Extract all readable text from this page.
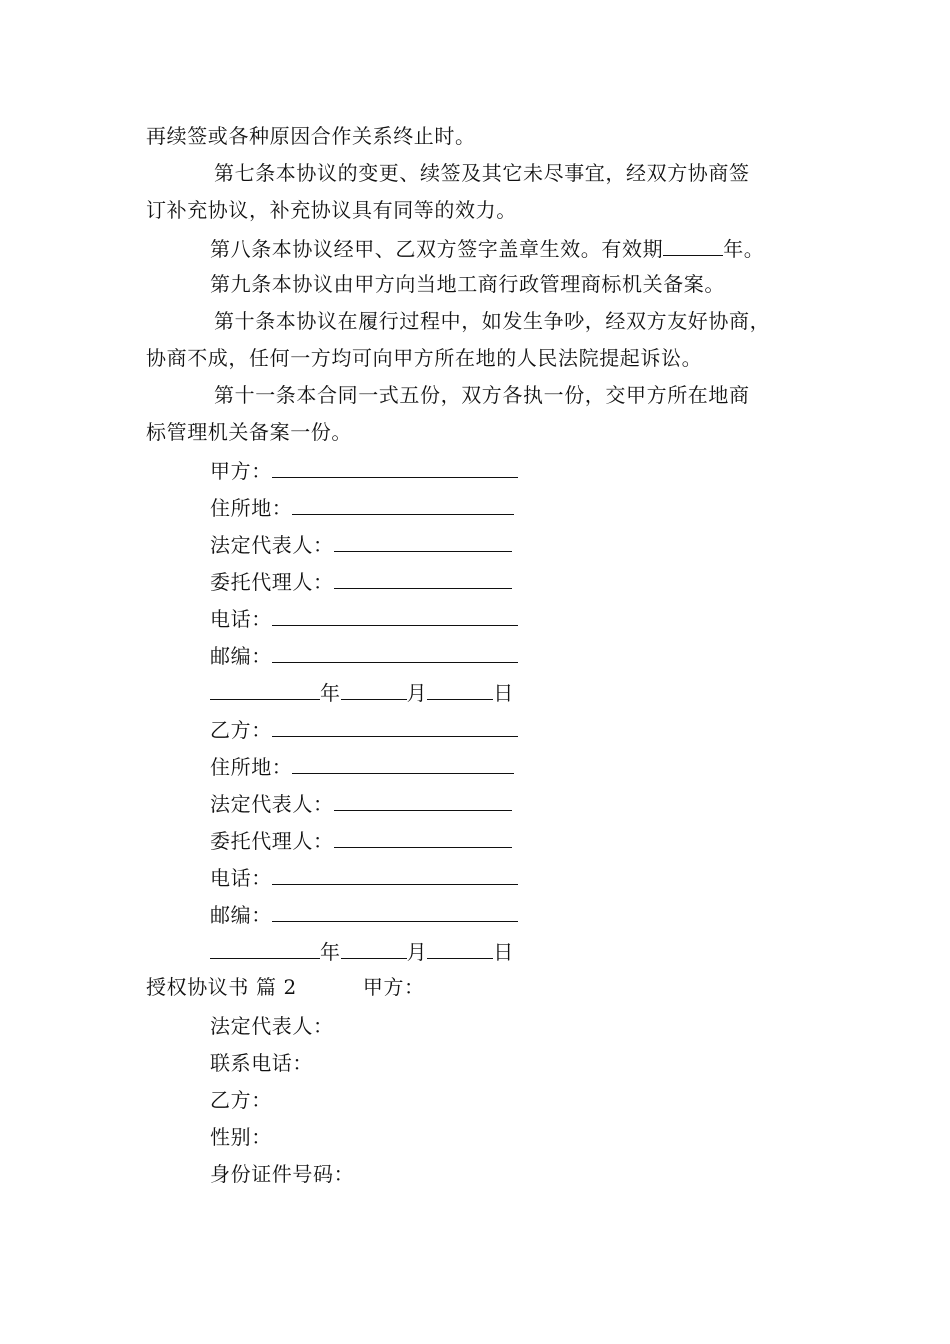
再续签或各种原因合作关系终止时。
第七条本协议的变更、续签及其它未尽事宜，经双方协商签
订补充协议，补充协议具有同等的效力。
第八条本协议经甲、乙双方签字盖章生效。有效期	年。
第九条本协议由甲方向当地工商行政管理商标机关备案。
第十条本协议在履行过程中，如发生争吵，经双方友好协商，
协商不成，任何一方均可向甲方所在地的人民法院提起诉讼。
第十一条本合同一式五份，双方各执一份，交甲方所在地商
标管理机关备案一份。
甲方：
住所地：
法定代表人：
委托代理人：
电话：
邮编：
年	月	日
乙方：
住所地：
法定代表人：
委托代理人：
电话：
邮编：
年	月	日
授权协议书 篇 2	甲方：
法定代表人：
联系电话：
乙方：
性别：
身份证件号码：
